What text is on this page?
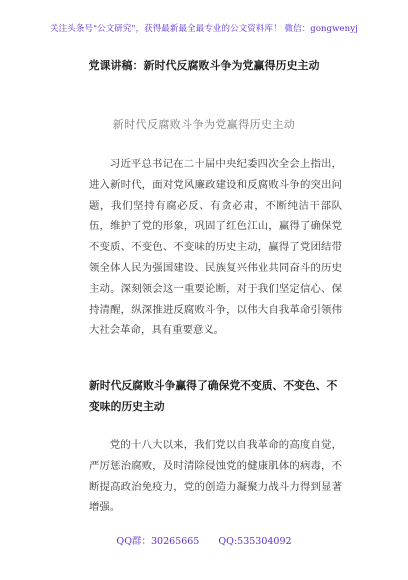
关注头条号"公文研究"，获得最新最全最专业的公文资料库！ 微信：gongwenyj
党课讲稿：新时代反腐败斗争为党赢得历史主动
新时代反腐败斗争为党赢得历史主动

习近平总书记在二十届中央纪委四次全会上指出，进入新时代，面对党风廉政建设和反腐败斗争的突出问题，我们坚持有腐必反、有贪必肃，不断纯洁干部队伍，维护了党的形象，巩固了红色江山，赢得了确保党不变质、不变色、不变味的历史主动，赢得了党团结带领全体人民为强国建设、民族复兴伟业共同奋斗的历史主动。深刻领会这一重要论断，对于我们坚定信心、保持清醒，纵深推进反腐败斗争，以伟大自我革命引领伟大社会革命，具有重要意义。

新时代反腐败斗争赢得了确保党不变质、不变色、不变味的历史主动

党的十八大以来，我们党以自我革命的高度自觉，严厉惩治腐败，及时清除侵蚀党的健康肌体的病毒，不断提高政治免疫力，党的创造力凝聚力战斗力得到显著增强。

QQ群：30265665 QQ:535304092
